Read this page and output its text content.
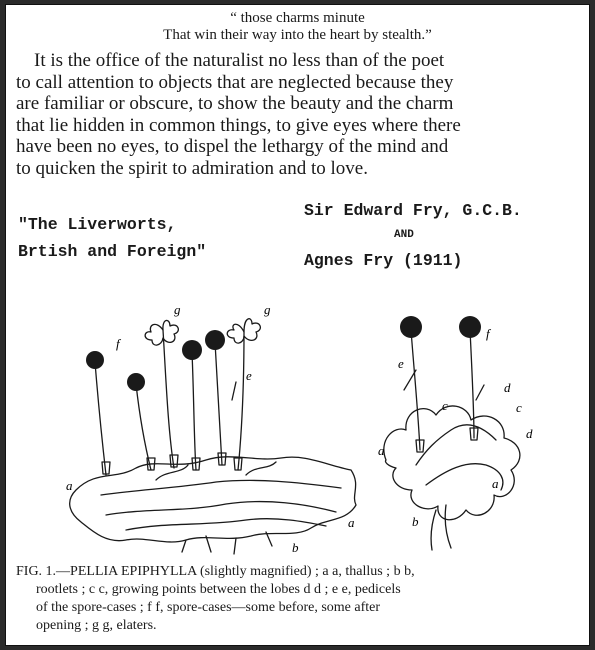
“ those charms minute
That win their way into the heart by stealth.”
It is the office of the naturalist no less than of the poet
to call attention to objects that are neglected because they
are familiar or obscure, to show the beauty and the charm
that lie hidden in common things, to give eyes where there
have been no eyes, to dispel the lethargy of the mind and
to quicken the spirit to admiration and to love.
"The Liverworts,
Brtish and Foreign"
Sir Edward Fry, G.C.B.
AND
Agnes Fry (1911)
f
g	g
e
a
a
b
e
f
d
c	c
d
a
a
b
FIG. 1.—PELLIA EPIPHYLLA (slightly magnified) ; a a, thallus ; b b,
rootlets ; c c, growing points between the lobes d d ; e e, pedicels
of the spore-cases ; f f, spore-cases—some before, some after
opening ; g g, elaters.
